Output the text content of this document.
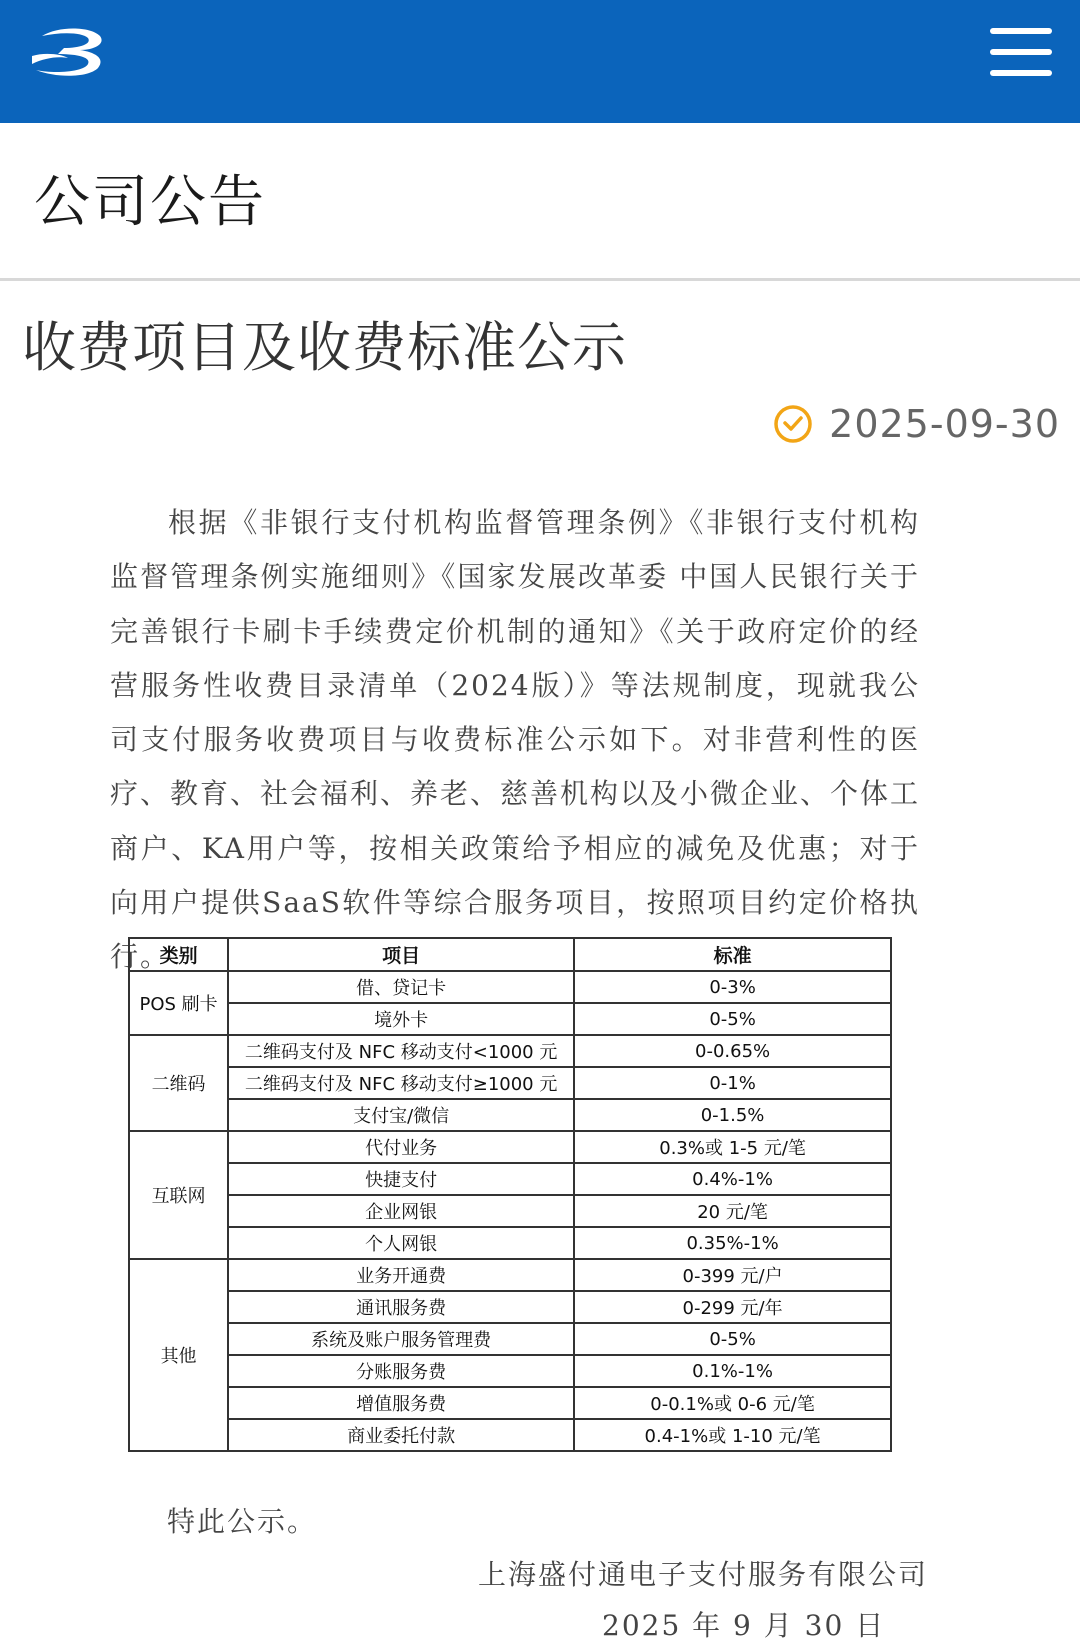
公司公告
收费项目及收费标准公示
2025-09-30

根据《非银行支付机构监督管理条例》《非银行支付机构监督管理条例实施细则》《国家发展改革委 中国人民银行关于完善银行卡刷卡手续费定价机制的通知》《关于政府定价的经营服务性收费目录清单（2024版）》等法规制度，现就我公司支付服务收费项目与收费标准公示如下。对非营利性的医疗、教育、社会福利、养老、慈善机构以及小微企业、个体工商户、KA用户等，按相关政策给予相应的减免及优惠；对于向用户提供SaaS软件等综合服务项目，按照项目约定价格执行。

类别	项目	标准
POS 刷卡	借、贷记卡	0-3%
	境外卡	0-5%
二维码	二维码支付及 NFC 移动支付<1000 元	0-0.65%
	二维码支付及 NFC 移动支付≥1000 元	0-1%
	支付宝/微信	0-1.5%
互联网	代付业务	0.3%或 1-5 元/笔
	快捷支付	0.4%-1%
	企业网银	20 元/笔
	个人网银	0.35%-1%
其他	业务开通费	0-399 元/户
	通讯服务费	0-299 元/年
	系统及账户服务管理费	0-5%
	分账服务费	0.1%-1%
	增值服务费	0-0.1%或 0-6 元/笔
	商业委托付款	0.4-1%或 1-10 元/笔
特此公示。
上海盛付通电子支付服务有限公司
2025 年 9 月 30 日
